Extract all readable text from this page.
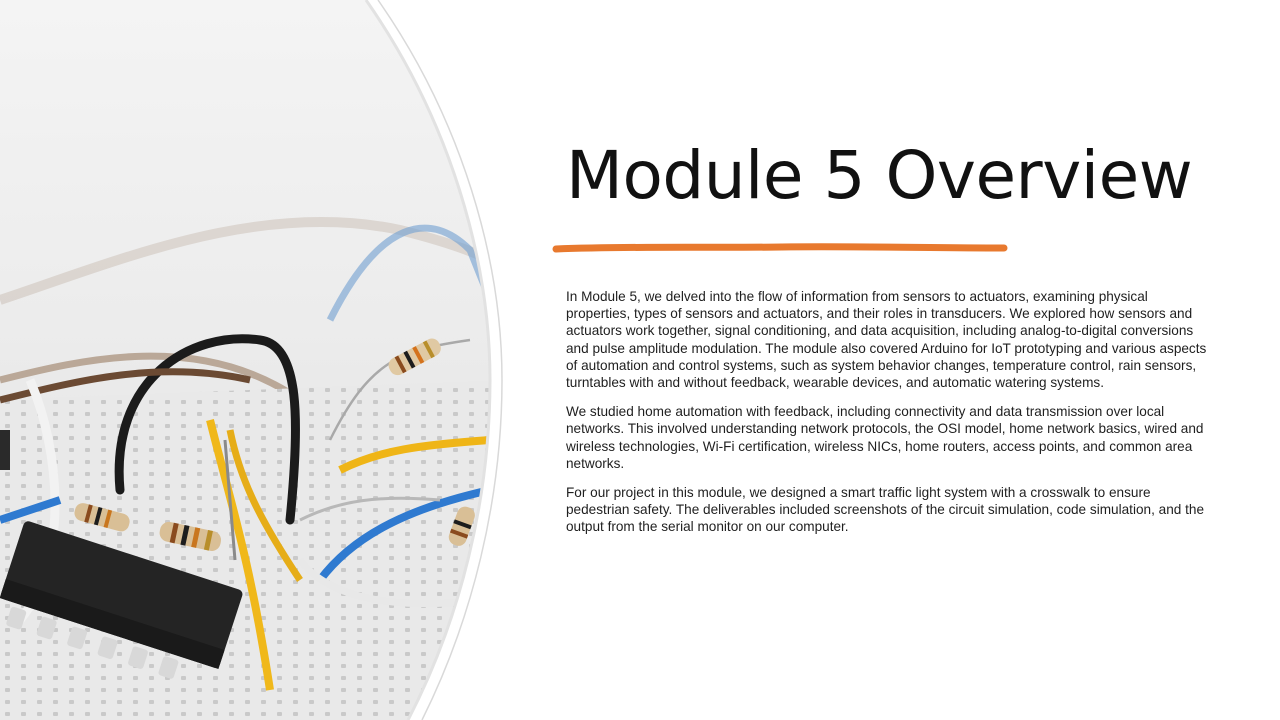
Module 5 Overview

In Module 5, we delved into the flow of information from sensors to actuators, examining physical properties, types of sensors and actuators, and their roles in transducers. We explored how sensors and actuators work together, signal conditioning, and data acquisition, including analog-to-digital conversions and pulse amplitude modulation. The module also covered Arduino for IoT prototyping and various aspects of automation and control systems, such as system behavior changes, temperature control, rain sensors, turntables with and without feedback, wearable devices, and automatic watering systems.

We studied home automation with feedback, including connectivity and data transmission over local networks. This involved understanding network protocols, the OSI model, home network basics, wired and wireless technologies, Wi-Fi certification, wireless NICs, home routers, access points, and common area networks.

For our project in this module, we designed a smart traffic light system with a crosswalk to ensure pedestrian safety. The deliverables included screenshots of the circuit simulation, code simulation, and the output from the serial monitor on our computer.
